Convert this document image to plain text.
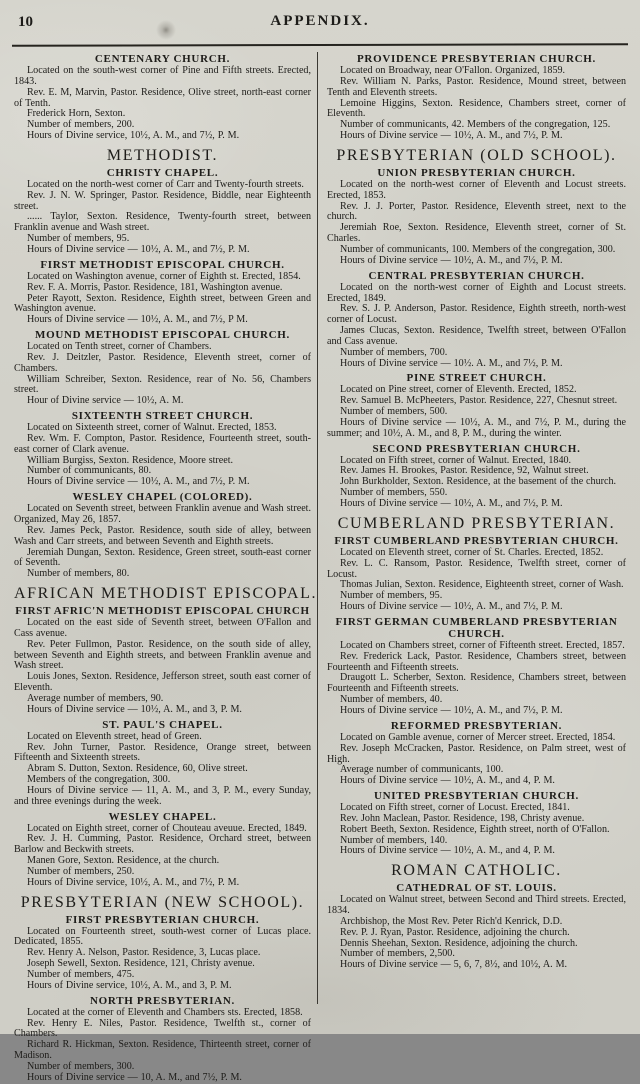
10	APPENDIX.
CENTENARY CHURCH.

Located on the south-west corner of Pine and Fifth streets. Erected, 1843.

Rev. E. M, Marvin, Pastor. Residence, Olive street, north-east corner of Tenth.

Frederick Horn, Sexton.

Number of members, 200.

Hours of Divine service, 10½, A. M., and 7½, P. M.

METHODIST.
CHRISTY CHAPEL.

Located on the north-west corner of Carr and Twenty-fourth streets.

Rev. J. N. W. Springer, Pastor. Residence, Biddle, near Eighteenth street.

...... Taylor, Sexton. Residence, Twenty-fourth street, between Franklin avenue and Wash street.

Number of members, 95.

Hours of Divine service — 10½, A. M., and 7½, P. M.

FIRST METHODIST EPISCOPAL CHURCH.

Located on Washington avenue, corner of Eighth st. Erected, 1854.

Rev. F. A. Morris, Pastor. Residence, 181, Washington avenue.

Peter Rayott, Sexton. Residence, Eighth street, between Green and Washington avenue.

Hours of Divine service — 10½, A. M., and 7½, P M.

MOUND METHODIST EPISCOPAL CHURCH.

Located on Tenth street, corner of Chambers.

Rev. J. Deitzler, Pastor. Residence, Eleventh street, corner of Chambers.

William Schreiber, Sexton. Residence, rear of No. 56, Chambers street.

Hour of Divine service — 10½, A. M.

SIXTEENTH STREET CHURCH.

Located on Sixteenth street, corner of Walnut. Erected, 1853.

Rev. Wm. F. Compton, Pastor. Residence, Fourteenth street, south-east corner of Clark avenue.

William Burgiss, Sexton. Residence, Moore street.

Number of communicants, 80.

Hours of Divine service — 10½, A. M., and 7½, P. M.

WESLEY CHAPEL (COLORED).

Located on Seventh street, between Franklin avenue and Wash street. Organized, May 26, 1857.

Rev. James Peck, Pastor. Residence, south side of alley, between Wash and Carr streets, and between Seventh and Eighth streets.

Jeremiah Dungan, Sexton. Residence, Green street, south-east corner of Seventh.

Number of members, 80.

AFRICAN METHODIST EPISCOPAL.
FIRST AFRIC'N METHODIST EPISCOPAL CHURCH

Located on the east side of Seventh street, between O'Fallon and Cass avenue.

Rev. Peter Fullmon, Pastor. Residence, on the south side of alley, between Seventh and Eighth streets, and between Franklin avenue and Wash street.

Louis Jones, Sexton. Residence, Jefferson street, south east corner of Eleventh.

Average number of members, 90.

Hours of Divine service — 10½, A. M., and 3, P. M.

ST. PAUL'S CHAPEL.

Located on Eleventh street, head of Green.

Rev. John Turner, Pastor. Residence, Orange street, between Fifteenth and Sixteenth streets.

Abram S. Dutton, Sexton. Residence, 60, Olive street.

Members of the congregation, 300.

Hours of Divine service — 11, A. M., and 3, P. M., every Sunday, and three evenings during the week.

WESLEY CHAPEL.

Located on Eighth street, corner of Chouteau aveuue. Erected, 1849.

Rev. J. H. Cumming, Pastor. Residence, Orchard street, between Barlow and Beckwith streets.

Manen Gore, Sexton. Residence, at the church.

Number of members, 250.

Hours of Divine service, 10½, A. M., and 7½, P. M.

PRESBYTERIAN (NEW SCHOOL).
FIRST PRESBYTERIAN CHURCH.

Located on Fourteenth street, south-west corner of Lucas place. Dedicated, 1855.

Rev. Henry A. Nelson, Pastor. Residence, 3, Lucas place.

Joseph Sewell, Sexton. Residence, 121, Christy avenue.

Number of members, 475.

Hours of Divine service, 10½, A. M., and 3, P. M.

NORTH PRESBYTERIAN.

Located at the corner of Eleventh and Chambers sts. Erected, 1858.

Rev. Henry E. Niles, Pastor. Residence, Twelfth st., corner of Chambers.

Richard R. Hickman, Sexton. Residence, Thirteenth street, corner of Madison.

Number of members, 300.

Hours of Divine service — 10, A. M., and 7½, P. M.

PROVIDENCE PRESBYTERIAN CHURCH.

Located on Broadway, near O'Fallon. Organized, 1859.

Rev. William N. Parks, Pastor. Residence, Mound street, between Tenth and Eleventh streets.

Lemoine Higgins, Sexton. Residence, Chambers street, corner of Eleventh.

Number of communicants, 42. Members of the congregation, 125.

Hours of Divine service — 10½, A. M., and 7½, P. M.

PRESBYTERIAN (OLD SCHOOL).
UNION PRESBYTERIAN CHURCH.

Located on the north-west corner of Eleventh and Locust streets. Erected, 1853.

Rev. J. J. Porter, Pastor. Residence, Eleventh street, next to the church.

Jeremiah Roe, Sexton. Residence, Eleventh street, corner of St. Charles.

Number of communicants, 100. Members of the congregation, 300.

Hours of Divine service — 10½, A. M., and 7½, P. M.

CENTRAL PRESBYTERIAN CHURCH.

Located on the north-west corner of Eighth and Locust streets. Erected, 1849.

Rev. S. J. P. Anderson, Pastor. Residence, Eighth streeth, north-west corner of Locust.

James Clucas, Sexton. Residence, Twelfth street, between O'Fallon and Cass avenue.

Number of members, 700.

Hours of Divine service — 10½. A. M., and 7½, P. M.

PINE STREET CHURCH.

Located on Pine street, corner of Eleventh. Erected, 1852.

Rev. Samuel B. McPheeters, Pastor. Residence, 227, Chesnut street.

Number of members, 500.

Hours of Divine service — 10½, A. M., and 7½, P. M., during the summer; and 10½, A. M., and 8, P. M., during the winter.

SECOND PRESBYTERIAN CHURCH.

Located on Fifth street, corner of Walnut. Erected, 1840.

Rev. James H. Brookes, Pastor. Residence, 92, Walnut street.

John Burkholder, Sexton. Residence, at the basement of the church.

Number of members, 550.

Hours of Divine service — 10½, A. M., and 7½, P. M.

CUMBERLAND PRESBYTERIAN.
FIRST CUMBERLAND PRESBYTERIAN CHURCH.

Located on Eleventh street, corner of St. Charles. Erected, 1852.

Rev. L. C. Ransom, Pastor. Residence, Twelfth street, corner of Locust.

Thomas Julian, Sexton. Residence, Eighteenth street, corner of Wash.

Number of members, 95.

Hours of Divine service — 10½, A. M., and 7½, P. M.

FIRST GERMAN CUMBERLAND PRESBYTERIAN CHURCH.

Located on Chambers street, corner of Fifteenth street. Erected, 1857.

Rev. Frederick Lack, Pastor. Residence, Chambers street, between Fourteenth and Fifteenth streets.

Draugott L. Scherber, Sexton. Residence, Chambers street, between Fourteenth and Fifteenth streets.

Number of members, 40.

Hours of Divine service — 10½, A. M., and 7½, P. M.

REFORMED PRESBYTERIAN.

Located on Gamble avenue, corner of Mercer street. Erected, 1854.

Rev. Joseph McCracken, Pastor. Residence, on Palm street, west of High.

Average number of communicants, 100.

Hours of Divine service — 10½, A. M., and 4, P. M.

UNITED PRESBYTERIAN CHURCH.

Located on Fifth street, corner of Locust. Erected, 1841.

Rev. John Maclean, Pastor. Residence, 198, Christy avenue.

Robert Beeth, Sexton. Residence, Eighth street, north of O'Fallon.

Number of members, 140.

Hours of Divine service — 10½, A. M., and 4, P. M.

ROMAN CATHOLIC.
CATHEDRAL OF ST. LOUIS.

Located on Walnut street, between Second and Third streets. Erected, 1834.

Archbishop, the Most Rev. Peter Rich'd Kenrick, D.D.

Rev. P. J. Ryan, Pastor. Residence, adjoining the church.

Dennis Sheehan, Sexton. Residence, adjoining the church.

Number of members, 2,500.

Hours of Divine service — 5, 6, 7, 8½, and 10½, A. M.
